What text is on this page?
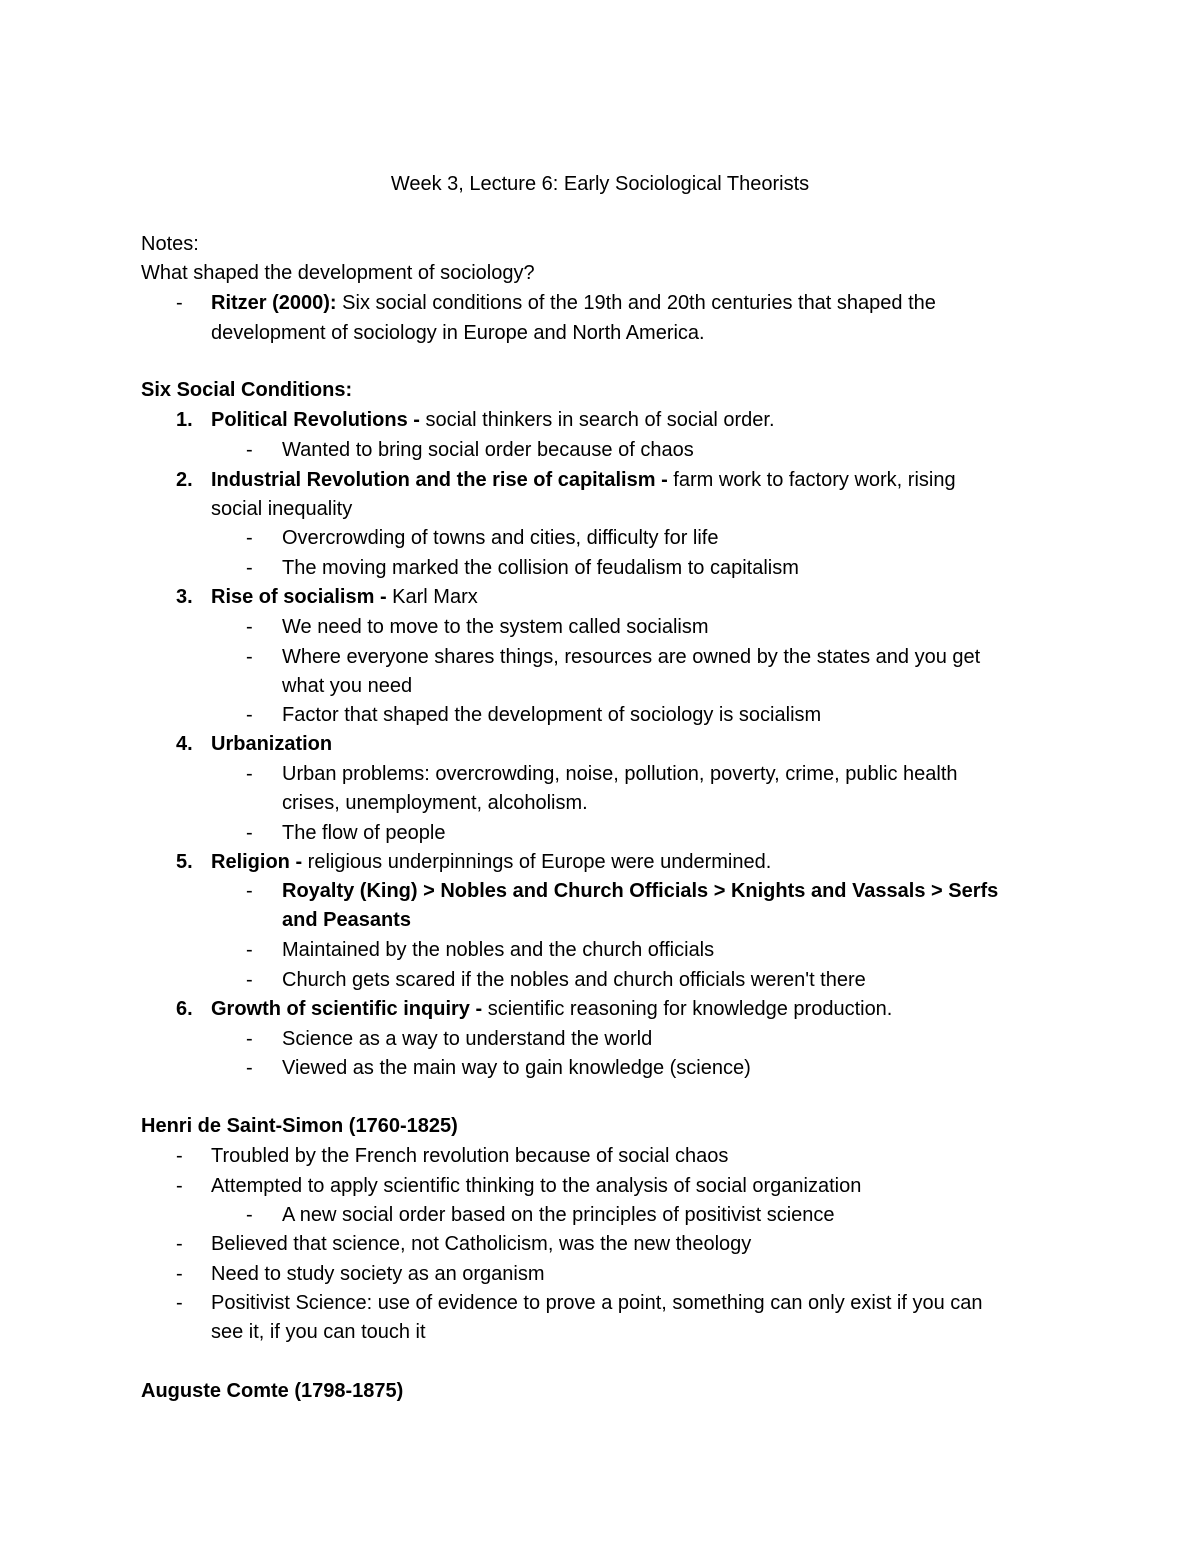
Week 3, Lecture 6: Early Sociological Theorists
Notes:
What shaped the development of sociology?
- Ritzer (2000): Six social conditions of the 19th and 20th centuries that shaped the
development of sociology in Europe and North America.
Six Social Conditions:
1. Political Revolutions - social thinkers in search of social order.
- Wanted to bring social order because of chaos
2. Industrial Revolution and the rise of capitalism - farm work to factory work, rising
social inequality
- Overcrowding of towns and cities, difficulty for life
- The moving marked the collision of feudalism to capitalism
3. Rise of socialism - Karl Marx
- We need to move to the system called socialism
- Where everyone shares things, resources are owned by the states and you get
what you need
- Factor that shaped the development of sociology is socialism
4. Urbanization
- Urban problems: overcrowding, noise, pollution, poverty, crime, public health
crises, unemployment, alcoholism.
- The flow of people
5. Religion - religious underpinnings of Europe were undermined.
- Royalty (King) > Nobles and Church Officials > Knights and Vassals > Serfs
and Peasants
- Maintained by the nobles and the church officials
- Church gets scared if the nobles and church officials weren't there
6. Growth of scientific inquiry - scientific reasoning for knowledge production.
- Science as a way to understand the world
- Viewed as the main way to gain knowledge (science)
Henri de Saint-Simon (1760-1825)
- Troubled by the French revolution because of social chaos
- Attempted to apply scientific thinking to the analysis of social organization
- A new social order based on the principles of positivist science
- Believed that science, not Catholicism, was the new theology
- Need to study society as an organism
- Positivist Science: use of evidence to prove a point, something can only exist if you can
see it, if you can touch it
Auguste Comte (1798-1875)
